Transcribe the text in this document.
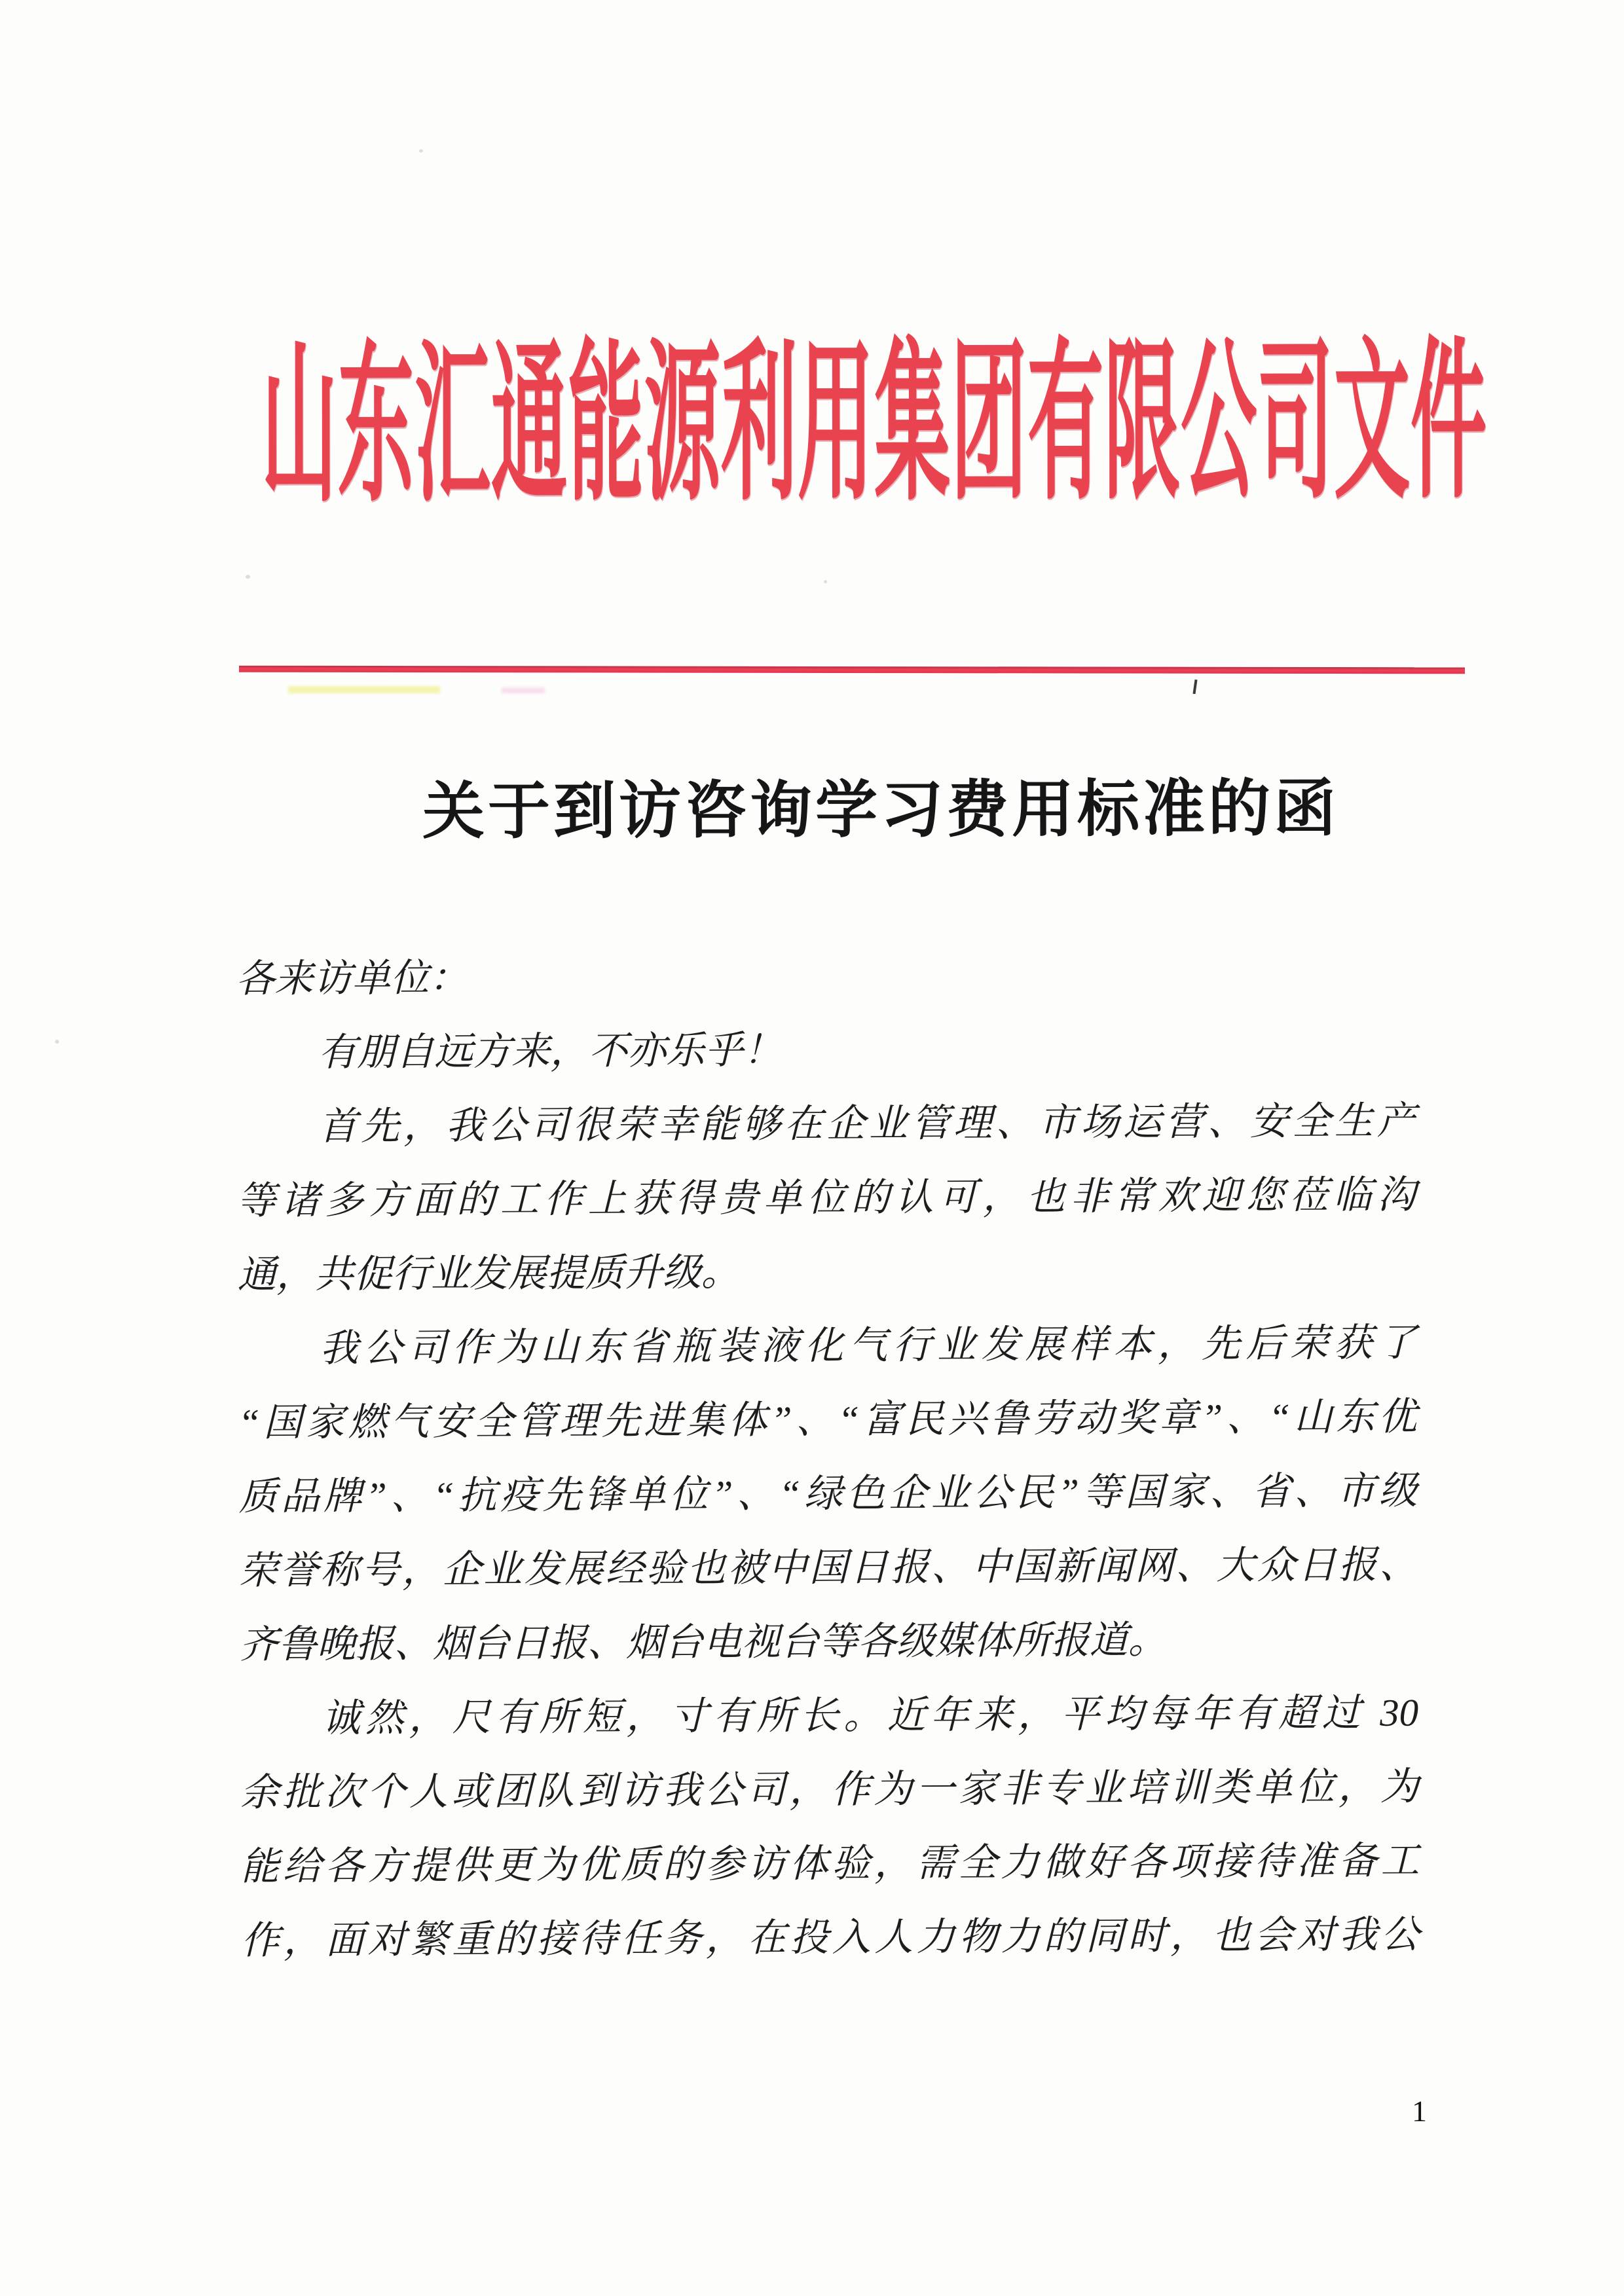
山东汇通能源利用集团有限公司文件
关于到访咨询学习费用标准的函
各来访单位：
有朋自远方来，不亦乐乎！
首先，我公司很荣幸能够在企业管理、市场运营、安全生产
等诸多方面的工作上获得贵单位的认可，也非常欢迎您莅临沟
通，共促行业发展提质升级。
我公司作为山东省瓶装液化气行业发展样本，先后荣获了
“国家燃气安全管理先进集体”、“富民兴鲁劳动奖章”、“山东优
质品牌”、“抗疫先锋单位”、“绿色企业公民”等国家、省、市级
荣誉称号，企业发展经验也被中国日报、中国新闻网、大众日报、
齐鲁晚报、烟台日报、烟台电视台等各级媒体所报道。
诚然，尺有所短，寸有所长。近年来，平均每年有超过 30
余批次个人或团队到访我公司，作为一家非专业培训类单位，为
能给各方提供更为优质的参访体验，需全力做好各项接待准备工
作，面对繁重的接待任务，在投入人力物力的同时，也会对我公
1
